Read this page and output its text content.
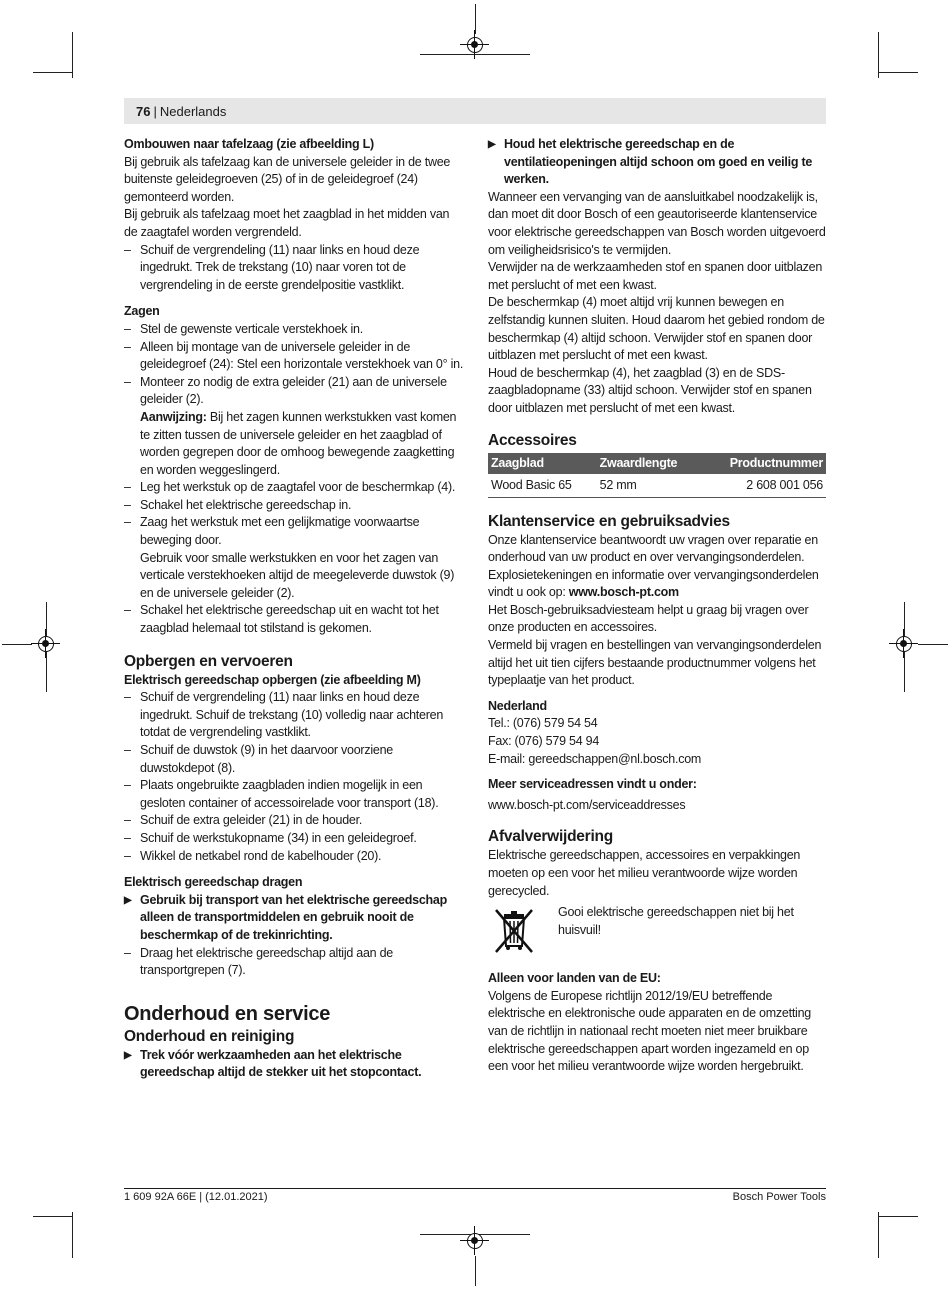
76 | Nederlands

Ombouwen naar tafelzaag (zie afbeelding L)

Bij gebruik als tafelzaag kan de universele geleider in de twee buitenste geleidegroeven (25) of in de geleidegroef (24) gemonteerd worden.

Bij gebruik als tafelzaag moet het zaagblad in het midden van de zaagtafel worden vergrendeld.

– Schuif de vergrendeling (11) naar links en houd deze ingedrukt. Trek de trekstang (10) naar voren tot de vergrendeling in de eerste grendelpositie vastklikt.

Zagen

– Stel de gewenste verticale verstekhoek in.
– Alleen bij montage van de universele geleider in de geleidegroef (24): Stel een horizontale verstekhoek van 0° in.
– Monteer zo nodig de extra geleider (21) aan de universele geleider (2).
Aanwijzing: Bij het zagen kunnen werkstukken vast komen te zitten tussen de universele geleider en het zaagblad of worden gegrepen door de omhoog bewegende zaagketting en worden weggeslingerd.
– Leg het werkstuk op de zaagtafel voor de beschermkap (4).
– Schakel het elektrische gereedschap in.
– Zaag het werkstuk met een gelijkmatige voorwaartse beweging door.
Gebruik voor smalle werkstukken en voor het zagen van verticale verstekhoeken altijd de meegeleverde duwstok (9) en de universele geleider (2).
– Schakel het elektrische gereedschap uit en wacht tot het zaagblad helemaal tot stilstand is gekomen.

Opbergen en vervoeren

Elektrisch gereedschap opbergen (zie afbeelding M)

– Schuif de vergrendeling (11) naar links en houd deze ingedrukt. Schuif de trekstang (10) volledig naar achteren totdat de vergrendeling vastklikt.
– Schuif de duwstok (9) in het daarvoor voorziene duwstokdepot (8).
– Plaats ongebruikte zaagbladen indien mogelijk in een gesloten container of accessoirelade voor transport (18).
– Schuif de extra geleider (21) in de houder.
– Schuif de werkstukopname (34) in een geleidegroef.
– Wikkel de netkabel rond de kabelhouder (20).

Elektrisch gereedschap dragen

▶ Gebruik bij transport van het elektrische gereedschap alleen de transportmiddelen en gebruik nooit de beschermkap of de trekinrichting.

– Draag het elektrische gereedschap altijd aan de transportgrepen (7).

Onderhoud en service

Onderhoud en reiniging

▶ Trek vóór werkzaamheden aan het elektrische gereedschap altijd de stekker uit het stopcontact.

▶ Houd het elektrische gereedschap en de ventilatieopeningen altijd schoon om goed en veilig te werken.

Wanneer een vervanging van de aansluitkabel noodzakelijk is, dan moet dit door Bosch of een geautoriseerde klantenservice voor elektrische gereedschappen van Bosch worden uitgevoerd om veiligheidsrisico's te vermijden.

Verwijder na de werkzaamheden stof en spanen door uitblazen met perslucht of met een kwast.

De beschermkap (4) moet altijd vrij kunnen bewegen en zelfstandig kunnen sluiten. Houd daarom het gebied rondom de beschermkap (4) altijd schoon. Verwijder stof en spanen door uitblazen met perslucht of met een kwast.

Houd de beschermkap (4), het zaagblad (3) en de SDS-zaagbladopname (33) altijd schoon. Verwijder stof en spanen door uitblazen met perslucht of met een kwast.

Accessoires

Zaagblad	Zwaardlengte	Productnummer
Wood Basic 65	52 mm	2 608 001 056

Klantenservice en gebruiksadvies

Onze klantenservice beantwoordt uw vragen over reparatie en onderhoud van uw product en over vervangingsonderdelen. Explosietekeningen en informatie over vervangingsonderdelen vindt u ook op: www.bosch-pt.com

Het Bosch-gebruiksadviesteam helpt u graag bij vragen over onze producten en accessoires.

Vermeld bij vragen en bestellingen van vervangingsonderdelen altijd het uit tien cijfers bestaande productnummer volgens het typeplaatje van het product.

Nederland

Tel.: (076) 579 54 54

Fax: (076) 579 54 94

E-mail: gereedschappen@nl.bosch.com

Meer serviceadressen vindt u onder:

www.bosch-pt.com/serviceaddresses

Afvalverwijdering

Elektrische gereedschappen, accessoires en verpakkingen moeten op een voor het milieu verantwoorde wijze worden gerecycled.

Gooi elektrische gereedschappen niet bij het huisvuil!

Alleen voor landen van de EU:

Volgens de Europese richtlijn 2012/19/EU betreffende elektrische en elektronische oude apparaten en de omzetting van de richtlijn in nationaal recht moeten niet meer bruikbare elektrische gereedschappen apart worden ingezameld en op een voor het milieu verantwoorde wijze worden hergebruikt.

1 609 92A 66E | (12.01.2021)	Bosch Power Tools
